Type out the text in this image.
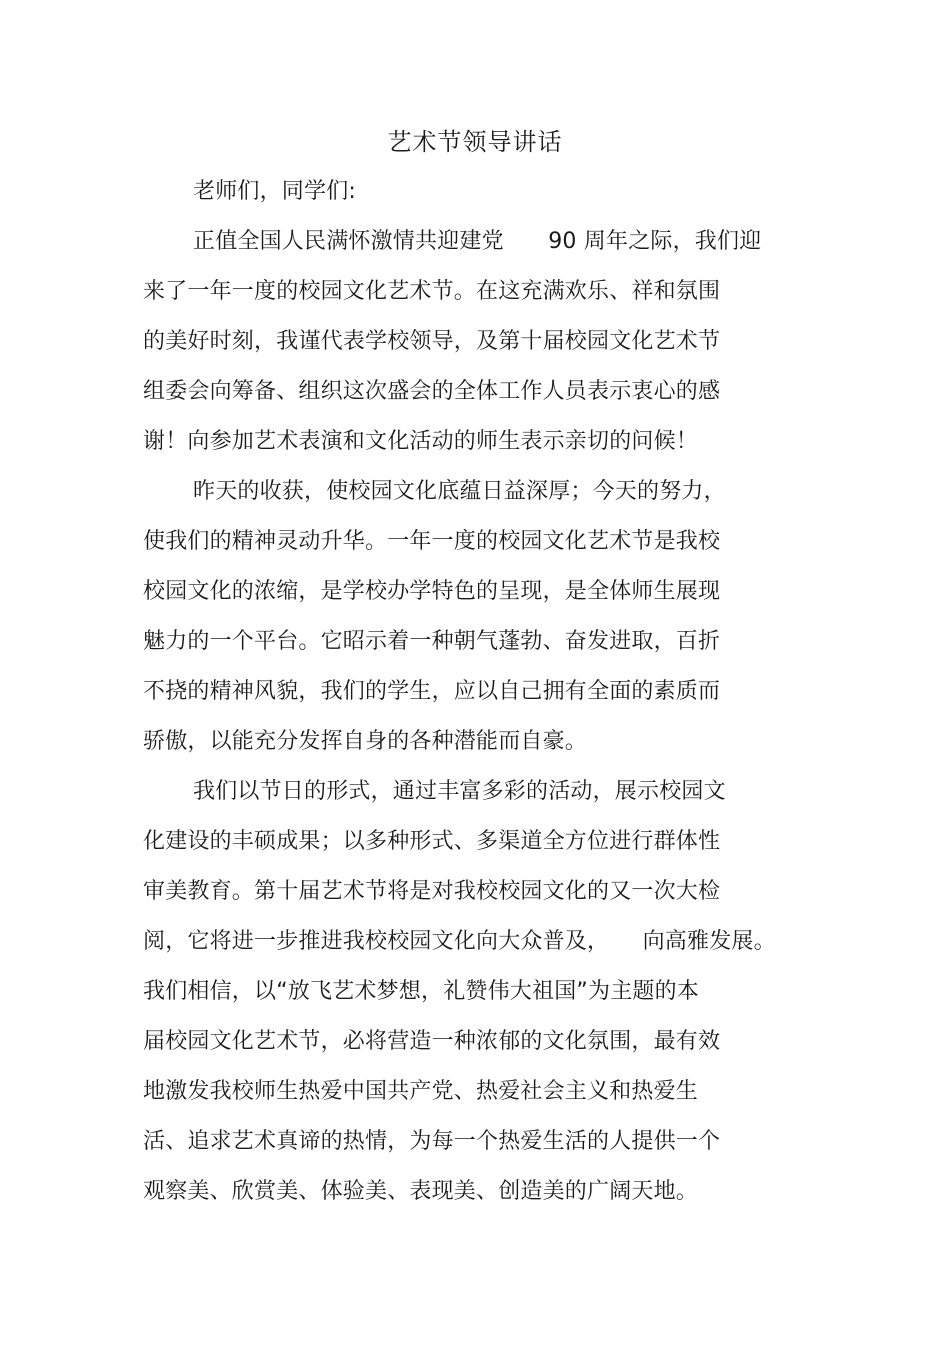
艺术节领导讲话
老师们，同学们:
正值全国人民满怀激情共迎建党　　90 周年之际，我们迎
来了一年一度的校园文化艺术节。在这充满欢乐、祥和氛围
的美好时刻，我谨代表学校领导，及第十届校园文化艺术节
组委会向筹备、组织这次盛会的全体工作人员表示衷心的感
谢！向参加艺术表演和文化活动的师生表示亲切的问候！
昨天的收获，使校园文化底蕴日益深厚；今天的努力，
使我们的精神灵动升华。一年一度的校园文化艺术节是我校
校园文化的浓缩，是学校办学特色的呈现，是全体师生展现
魅力的一个平台。它昭示着一种朝气蓬勃、奋发进取，百折
不挠的精神风貌，我们的学生，应以自己拥有全面的素质而
骄傲，以能充分发挥自身的各种潜能而自豪。
我们以节日的形式，通过丰富多彩的活动，展示校园文
化建设的丰硕成果；以多种形式、多渠道全方位进行群体性
审美教育。第十届艺术节将是对我校校园文化的又一次大检
阅，它将进一步推进我校校园文化向大众普及，　　向高雅发展。
我们相信，以“放飞艺术梦想，礼赞伟大祖国”为主题的本
届校园文化艺术节，必将营造一种浓郁的文化氛围，最有效
地激发我校师生热爱中国共产党、热爱社会主义和热爱生
活、追求艺术真谛的热情，为每一个热爱生活的人提供一个
观察美、欣赏美、体验美、表现美、创造美的广阔天地。
